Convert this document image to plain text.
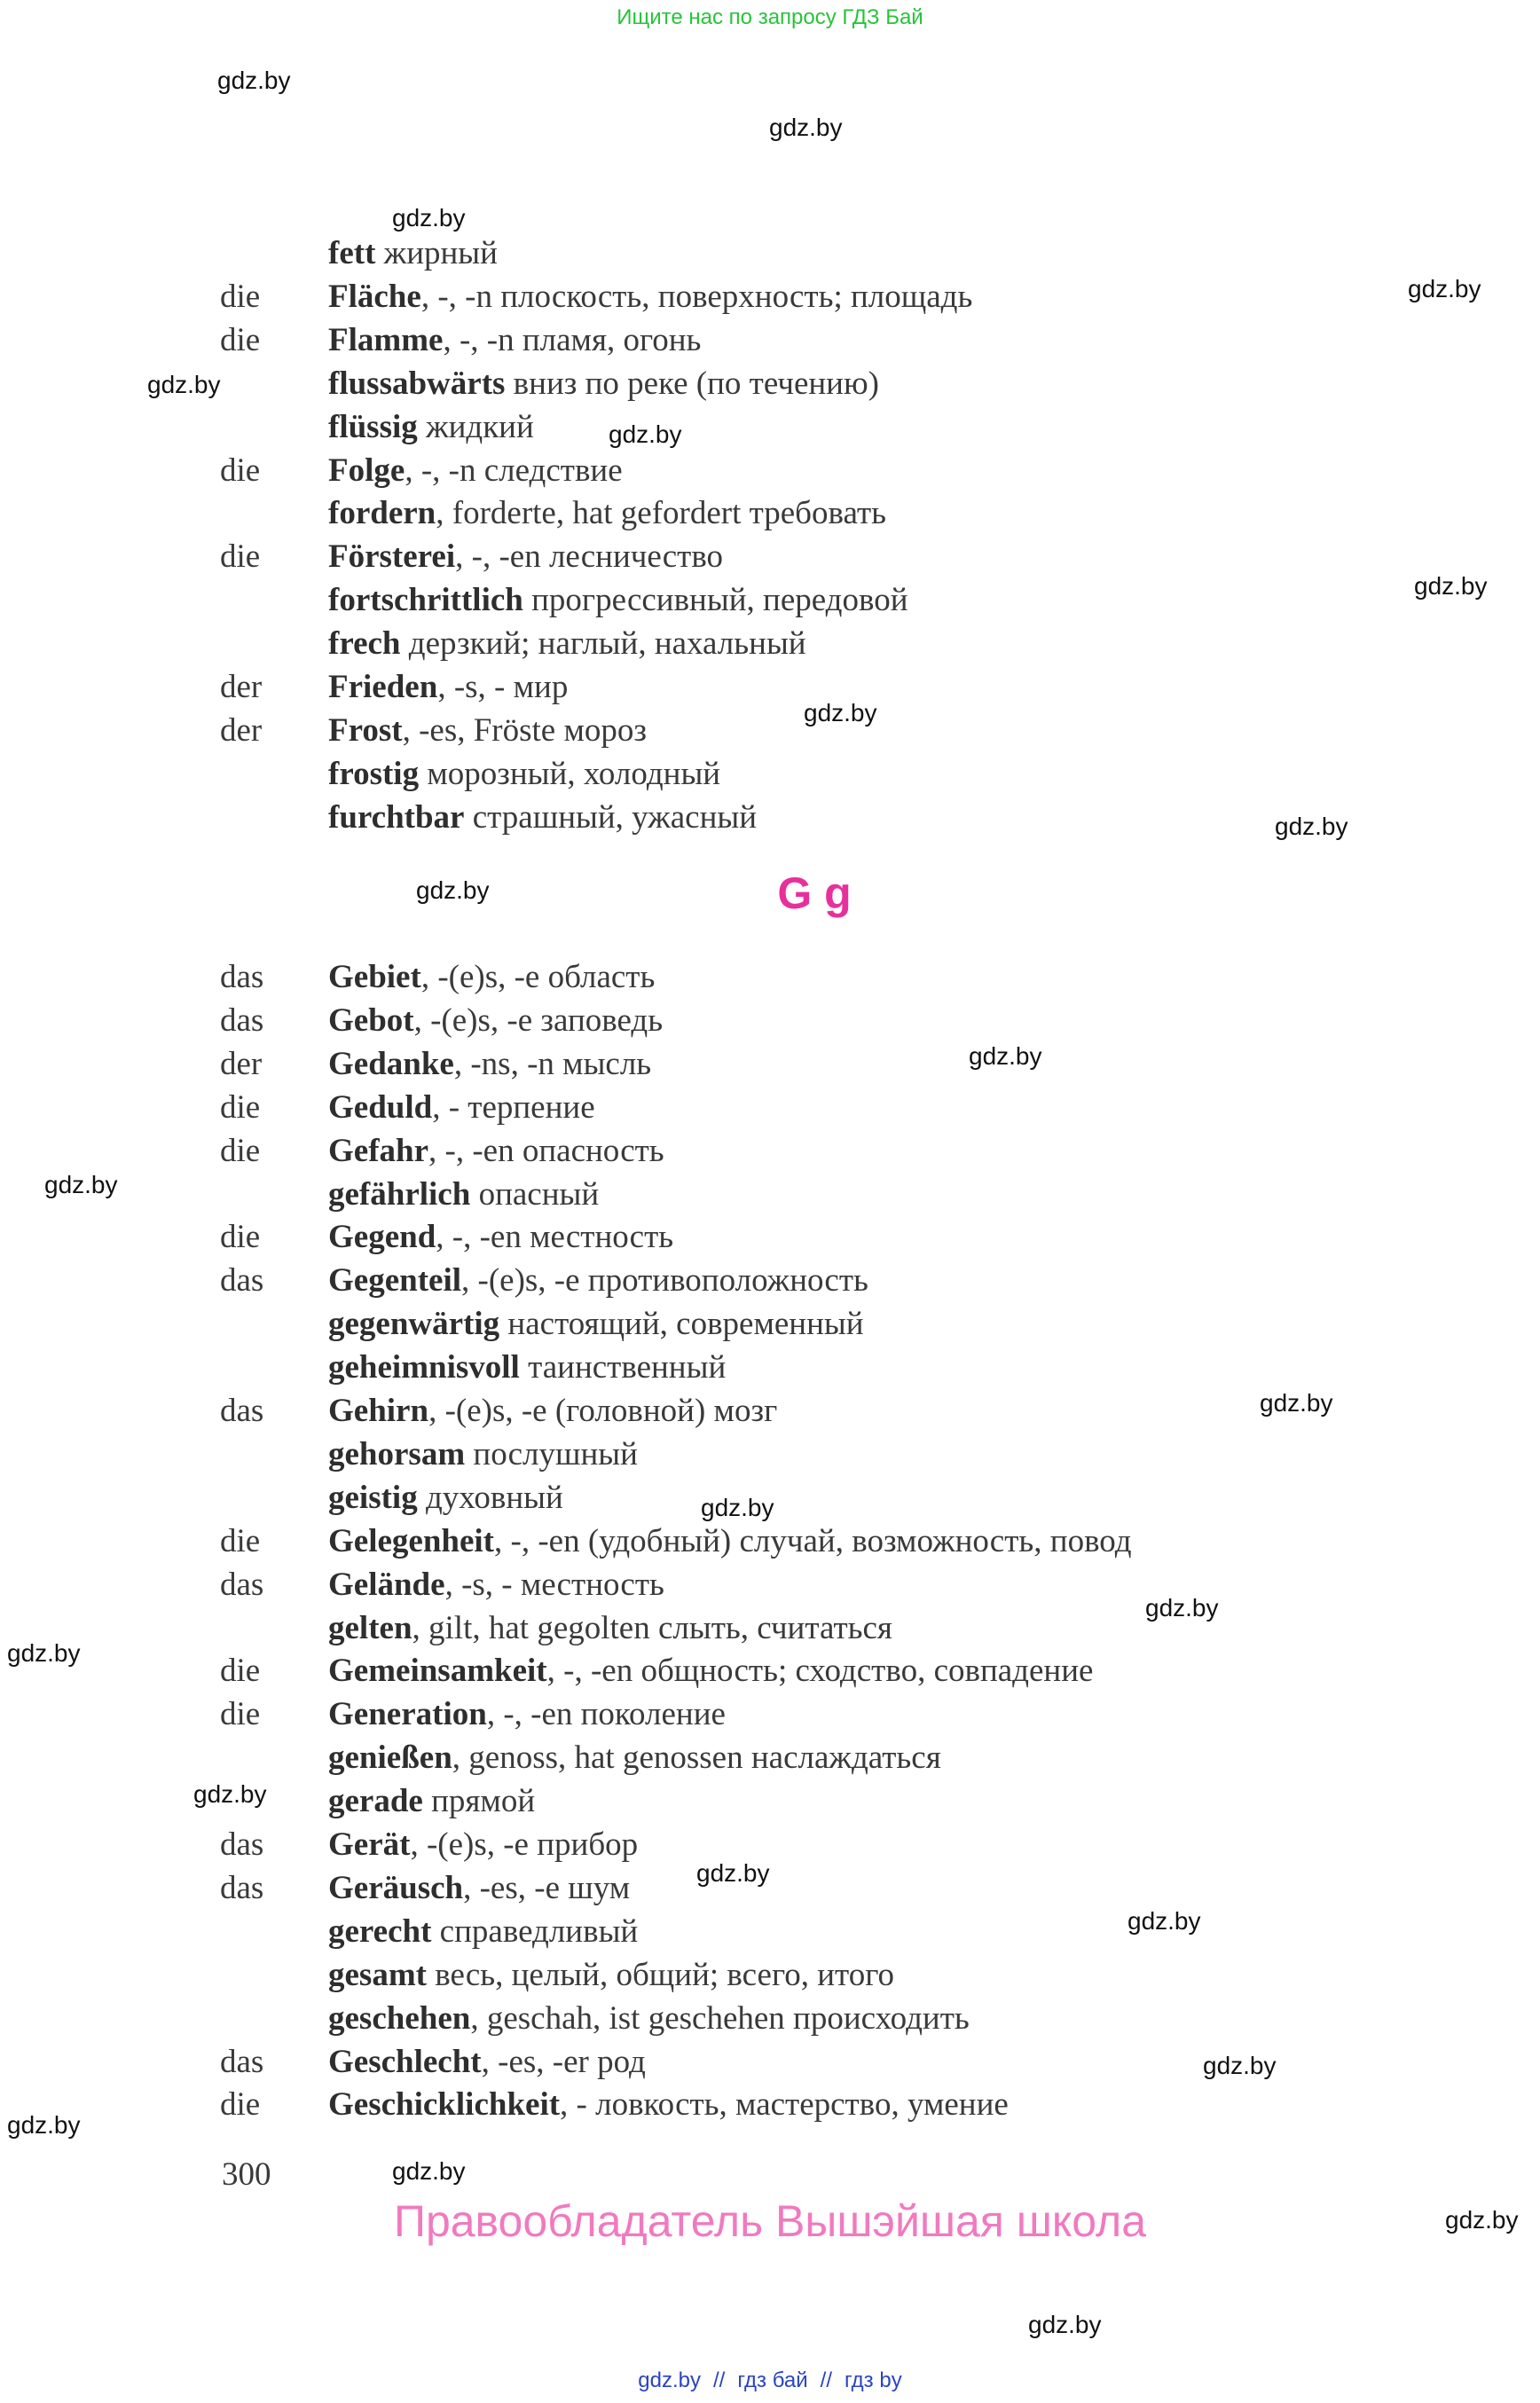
Ищите нас по запросу ГДЗ Бай
gdz.by
gdz.by
gdz.by
gdz.by
gdz.by
gdz.by
gdz.by
gdz.by
gdz.by
gdz.by
gdz.by
gdz.by
gdz.by
gdz.by
gdz.by
gdz.by
gdz.by
gdz.by
gdz.by
gdz.by
gdz.by
gdz.by
gdz.by
gdz.by
fett жирный
die Fläche, -, -n плоскость, поверхность; площадь
die Flamme, -, -n пламя, огонь
flussabwärts вниз по реке (по течению)
flüssig жидкий
die Folge, -, -n следствие
fordern, forderte, hat gefordert требовать
die Försterei, -, -en лесничество
fortschrittlich прогрессивный, передовой
frech дерзкий; наглый, нахальный
der Frieden, -s, - мир
der Frost, -es, Fröste мороз
frostig морозный, холодный
furchtbar страшный, ужасный
das Gebiet, -(e)s, -e область
das Gebot, -(e)s, -e заповедь
der Gedanke, -ns, -n мысль
die Geduld, - терпение
die Gefahr, -, -en опасность
gefährlich опасный
die Gegend, -, -en местность
das Gegenteil, -(e)s, -e противоположность
gegenwärtig настоящий, современный
geheimnisvoll таинственный
das Gehirn, -(e)s, -e (головной) мозг
gehorsam послушный
geistig духовный
die Gelegenheit, -, -en (удобный) случай, возможность, повод
das Gelände, -s, - местность
gelten, gilt, hat gegolten слыть, считаться
die Gemeinsamkeit, -, -en общность; сходство, совпадение
die Generation, -, -en поколение
genießen, genoss, hat genossen наслаждаться
gerade прямой
das Gerät, -(e)s, -e прибор
das Geräusch, -es, -e шум
gerecht справедливый
gesamt весь, целый, общий; всего, итого
geschehen, geschah, ist geschehen происходить
das Geschlecht, -es, -er род
die Geschicklichkeit, - ловкость, мастерство, умение
G g
300
Правообладатель Вышэйшая школа
gdz.by // гдз бай // гдз by
